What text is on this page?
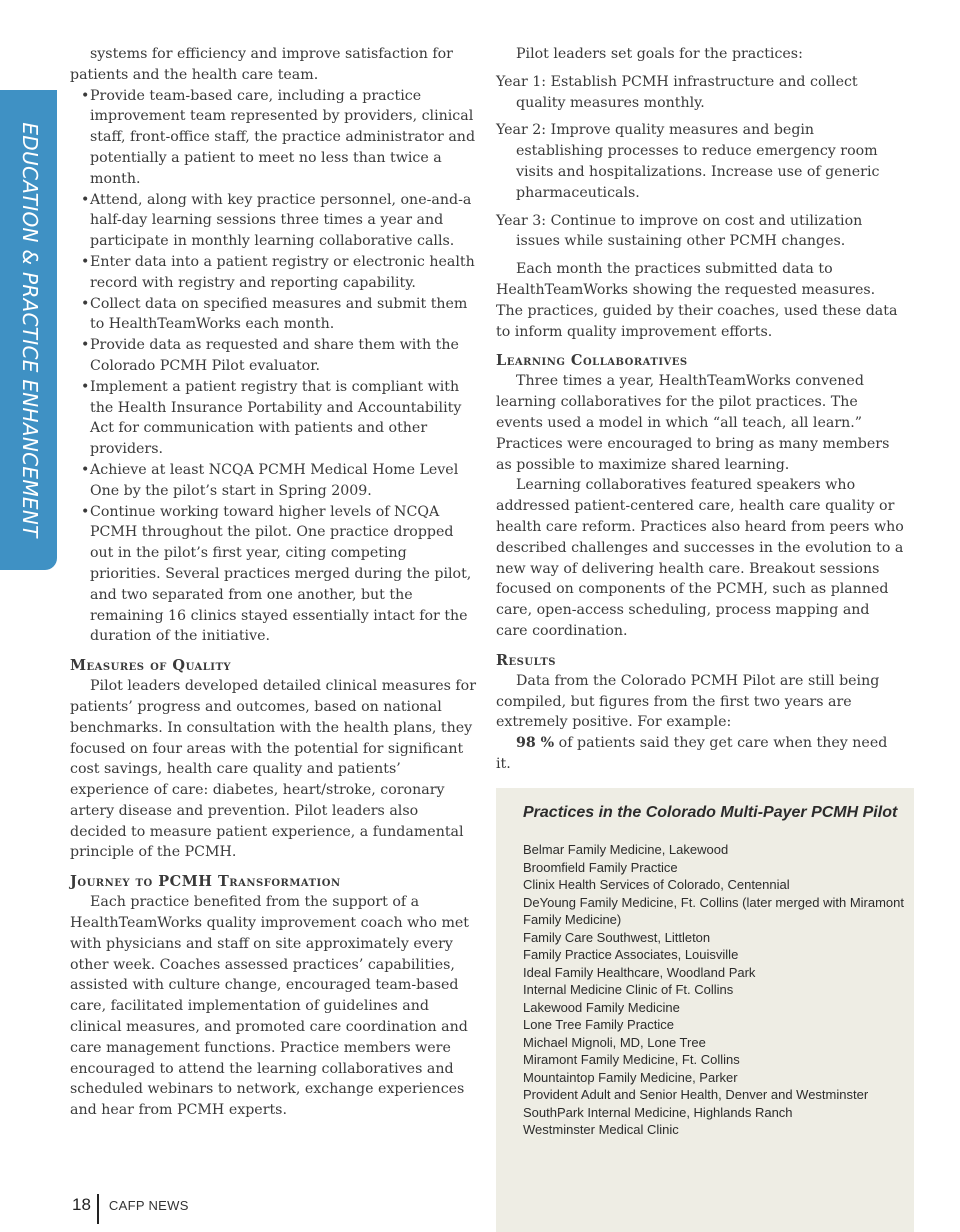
EDUCATION & PRACTICE ENHANCEMENT

systems for efficiency and improve satisfaction for patients and the health care team.

• Provide team-based care, including a practice improvement team represented by providers, clinical staff, front-office staff, the practice administrator and potentially a patient to meet no less than twice a month.
• Attend, along with key practice personnel, one-and-a half-day learning sessions three times a year and participate in monthly learning collaborative calls.
• Enter data into a patient registry or electronic health record with registry and reporting capability.
• Collect data on specified measures and submit them to HealthTeamWorks each month.
• Provide data as requested and share them with the Colorado PCMH Pilot evaluator.
• Implement a patient registry that is compliant with the Health Insurance Portability and Accountability Act for communication with patients and other providers.
• Achieve at least NCQA PCMH Medical Home Level One by the pilot’s start in Spring 2009.
• Continue working toward higher levels of NCQA PCMH throughout the pilot. One practice dropped out in the pilot’s first year, citing competing priorities. Several practices merged during the pilot, and two separated from one another, but the remaining 16 clinics stayed essentially intact for the duration of the initiative.
Measures of Quality

Pilot leaders developed detailed clinical measures for patients’ progress and outcomes, based on national benchmarks. In consultation with the health plans, they focused on four areas with the potential for significant cost savings, health care quality and patients’ experience of care: diabetes, heart/stroke, coronary artery disease and prevention. Pilot leaders also decided to measure patient experience, a fundamental principle of the PCMH.

Journey to PCMH Transformation

Each practice benefited from the support of a HealthTeamWorks quality improvement coach who met with physicians and staff on site approximately every other week. Coaches assessed practices’ capabilities, assisted with culture change, encouraged team-based care, facilitated implementation of guidelines and clinical measures, and promoted care coordination and care management functions. Practice members were encouraged to attend the learning collaboratives and scheduled webinars to network, exchange experiences and hear from PCMH experts.

Pilot leaders set goals for the practices:

Year 1: Establish PCMH infrastructure and collect quality measures monthly.

Year 2: Improve quality measures and begin establishing processes to reduce emergency room visits and hospitalizations. Increase use of generic pharmaceuticals.

Year 3: Continue to improve on cost and utilization issues while sustaining other PCMH changes.

Each month the practices submitted data to HealthTeamWorks showing the requested measures. The practices, guided by their coaches, used these data to inform quality improvement efforts.

Learning Collaboratives

Three times a year, HealthTeamWorks convened learning collaboratives for the pilot practices. The events used a model in which “all teach, all learn.” Practices were encouraged to bring as many members as possible to maximize shared learning.

Learning collaboratives featured speakers who addressed patient-centered care, health care quality or health care reform. Practices also heard from peers who described challenges and successes in the evolution to a new way of delivering health care. Breakout sessions focused on components of the PCMH, such as planned care, open-access scheduling, process mapping and care coordination.

Results

Data from the Colorado PCMH Pilot are still being compiled, but figures from the first two years are extremely positive. For example:

98 % of patients said they get care when they need it.

Practices in the Colorado Multi-Payer PCMH Pilot
Belmar Family Medicine, Lakewood
Broomfield Family Practice
Clinix Health Services of Colorado, Centennial
DeYoung Family Medicine, Ft. Collins (later merged with Miramont Family Medicine)
Family Care Southwest, Littleton
Family Practice Associates, Louisville
Ideal Family Healthcare, Woodland Park
Internal Medicine Clinic of Ft. Collins
Lakewood Family Medicine
Lone Tree Family Practice
Michael Mignoli, MD, Lone Tree
Miramont Family Medicine, Ft. Collins
Mountaintop Family Medicine, Parker
Provident Adult and Senior Health, Denver and Westminster
SouthPark Internal Medicine, Highlands Ranch
Westminster Medical Clinic
18 CAFP NEWS
